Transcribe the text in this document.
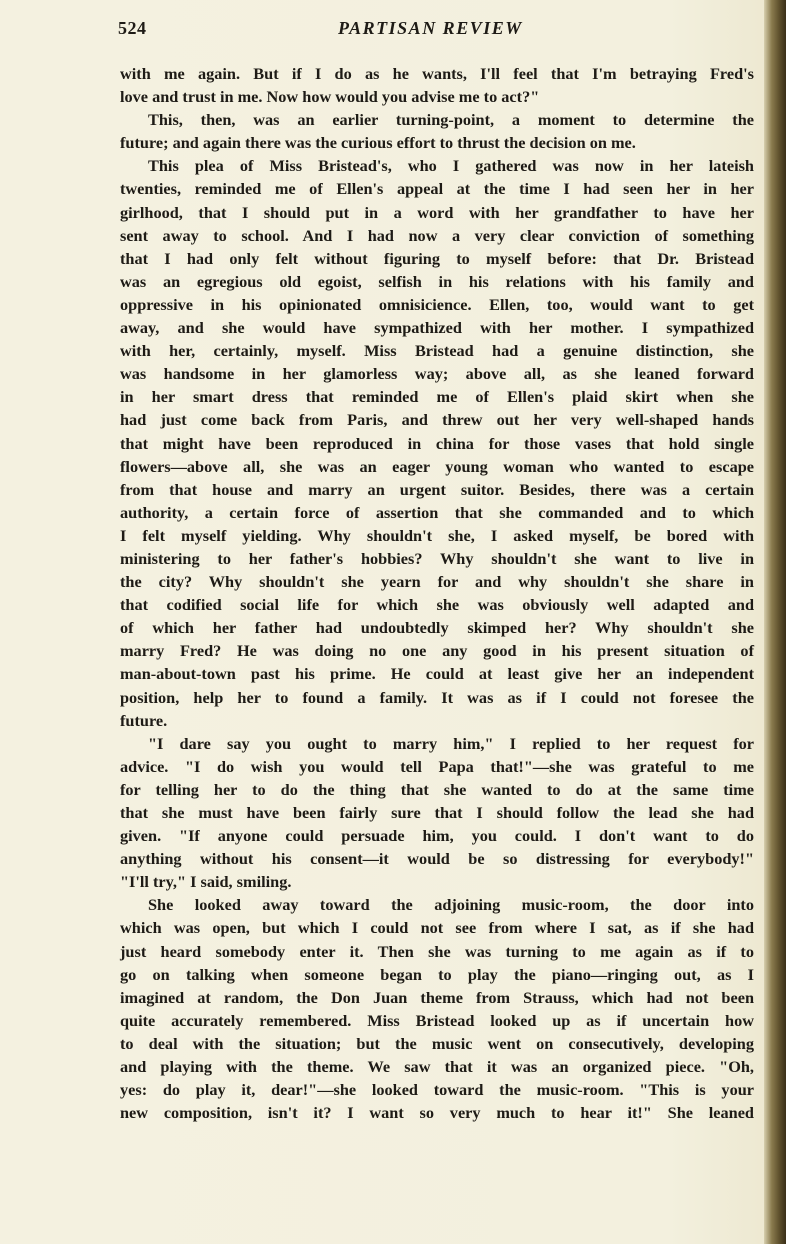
524	PARTISAN REVIEW
with me again. But if I do as he wants, I'll feel that I'm betraying Fred's
love and trust in me. Now how would you advise me to act?"
This, then, was an earlier turning-point, a moment to determine the
future; and again there was the curious effort to thrust the decision on me.
This plea of Miss Bristead's, who I gathered was now in her lateish
twenties, reminded me of Ellen's appeal at the time I had seen her in her
girlhood, that I should put in a word with her grandfather to have her
sent away to school. And I had now a very clear conviction of something
that I had only felt without figuring to myself before: that Dr. Bristead
was an egregious old egoist, selfish in his relations with his family and
oppressive in his opinionated omnisicience. Ellen, too, would want to get
away, and she would have sympathized with her mother. I sympathized
with her, certainly, myself. Miss Bristead had a genuine distinction, she
was handsome in her glamorless way; above all, as she leaned forward
in her smart dress that reminded me of Ellen's plaid skirt when she
had just come back from Paris, and threw out her very well-shaped hands
that might have been reproduced in china for those vases that hold single
flowers—above all, she was an eager young woman who wanted to escape
from that house and marry an urgent suitor. Besides, there was a certain
authority, a certain force of assertion that she commanded and to which
I felt myself yielding. Why shouldn't she, I asked myself, be bored with
ministering to her father's hobbies? Why shouldn't she want to live in
the city? Why shouldn't she yearn for and why shouldn't she share in
that codified social life for which she was obviously well adapted and
of which her father had undoubtedly skimped her? Why shouldn't she
marry Fred? He was doing no one any good in his present situation of
man-about-town past his prime. He could at least give her an independent
position, help her to found a family. It was as if I could not foresee the
future.
"I dare say you ought to marry him," I replied to her request for
advice. "I do wish you would tell Papa that!"—she was grateful to me
for telling her to do the thing that she wanted to do at the same time
that she must have been fairly sure that I should follow the lead she had
given. "If anyone could persuade him, you could. I don't want to do
anything without his consent—it would be so distressing for everybody!"
"I'll try," I said, smiling.
She looked away toward the adjoining music-room, the door into
which was open, but which I could not see from where I sat, as if she had
just heard somebody enter it. Then she was turning to me again as if to
go on talking when someone began to play the piano—ringing out, as I
imagined at random, the Don Juan theme from Strauss, which had not been
quite accurately remembered. Miss Bristead looked up as if uncertain how
to deal with the situation; but the music went on consecutively, developing
and playing with the theme. We saw that it was an organized piece. "Oh,
yes: do play it, dear!"—she looked toward the music-room. "This is your
new composition, isn't it? I want so very much to hear it!" She leaned
